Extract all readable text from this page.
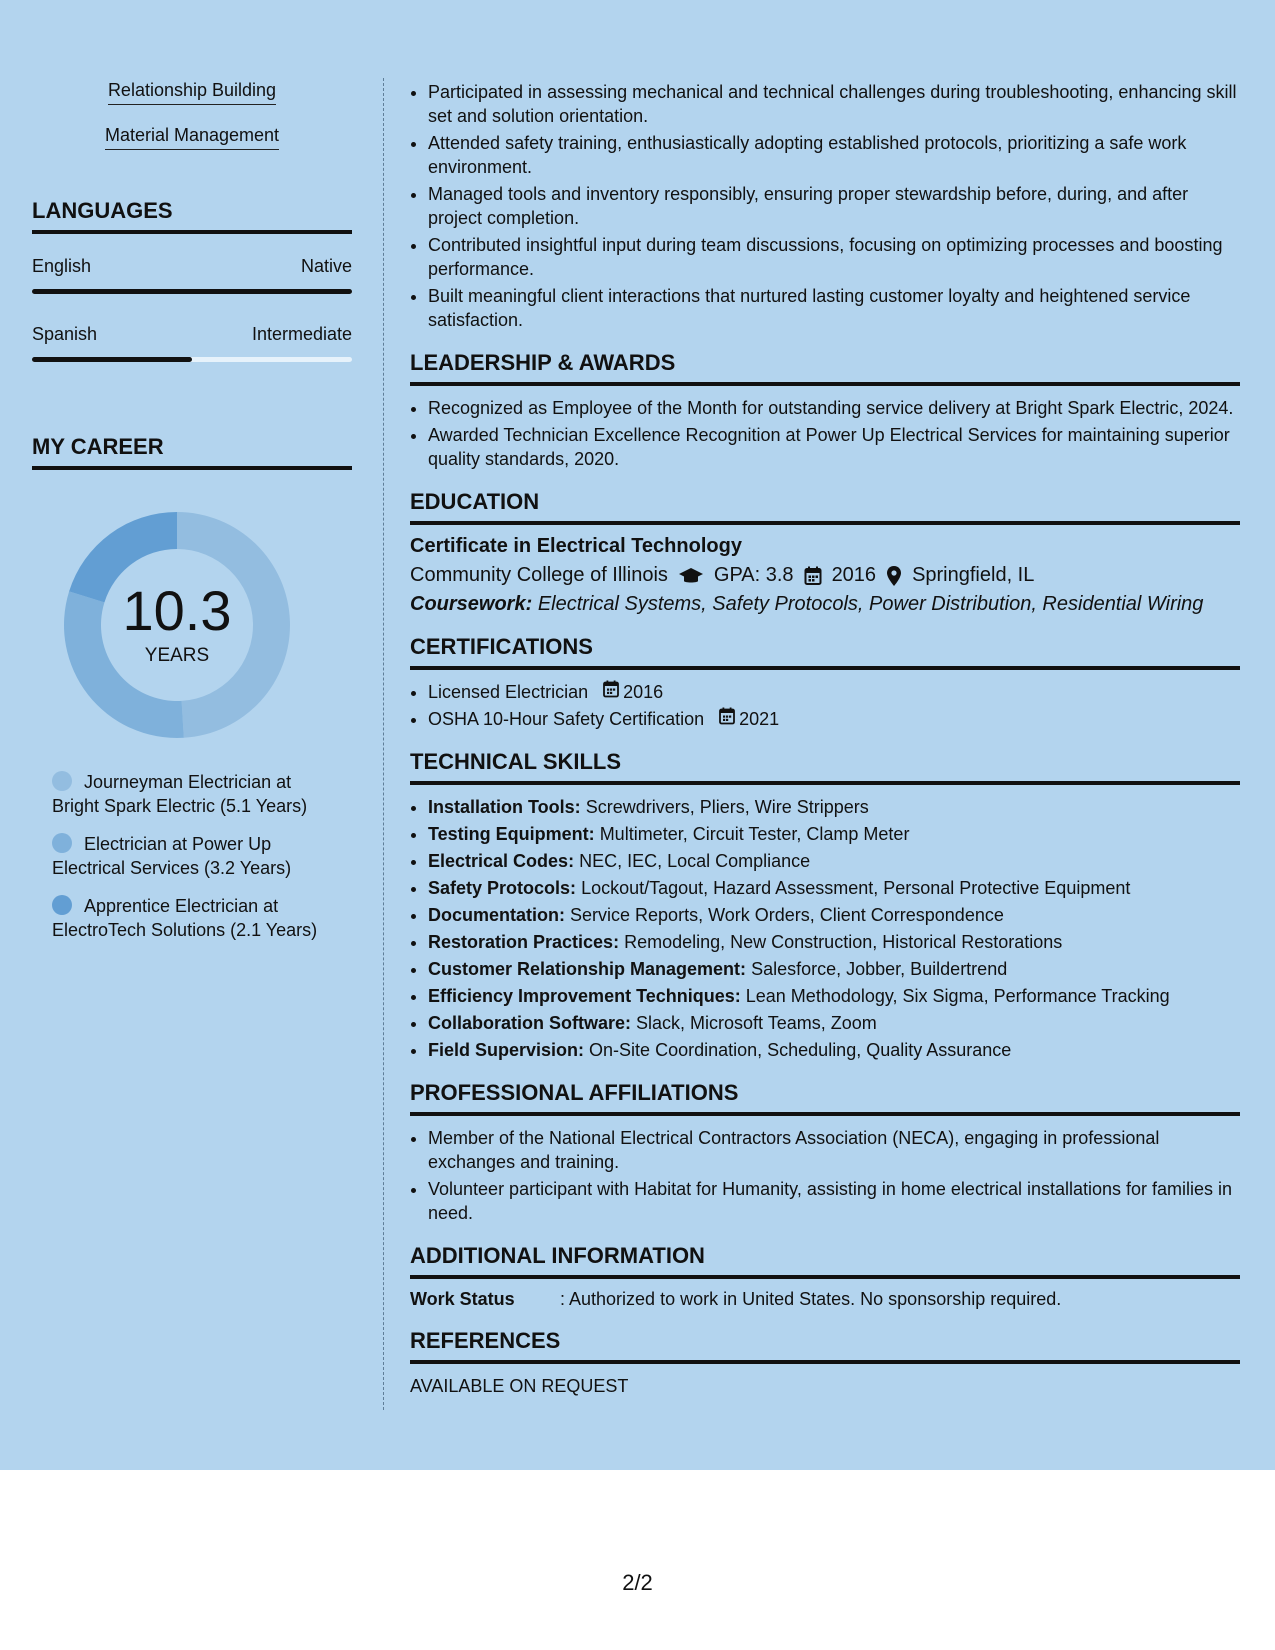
Relationship Building
Material Management
LANGUAGES
English	Native
Spanish	Intermediate
MY CAREER
10.3
YEARS
Journeyman Electrician at Bright Spark Electric (5.1 Years)
Electrician at Power Up Electrical Services (3.2 Years)
Apprentice Electrician at ElectroTech Solutions (2.1 Years)
• Participated in assessing mechanical and technical challenges during troubleshooting, enhancing skill set and solution orientation.
• Attended safety training, enthusiastically adopting established protocols, prioritizing a safe work environment.
• Managed tools and inventory responsibly, ensuring proper stewardship before, during, and after project completion.
• Contributed insightful input during team discussions, focusing on optimizing processes and boosting performance.
• Built meaningful client interactions that nurtured lasting customer loyalty and heightened service satisfaction.
LEADERSHIP & AWARDS
• Recognized as Employee of the Month for outstanding service delivery at Bright Spark Electric, 2024.
• Awarded Technician Excellence Recognition at Power Up Electrical Services for maintaining superior quality standards, 2020.
EDUCATION
Certificate in Electrical Technology
Community College of Illinois GPA: 3.8 2016 Springfield, IL
Coursework: Electrical Systems, Safety Protocols, Power Distribution, Residential Wiring
CERTIFICATIONS
• Licensed Electrician 2016
• OSHA 10-Hour Safety Certification 2021
TECHNICAL SKILLS
• Installation Tools: Screwdrivers, Pliers, Wire Strippers
• Testing Equipment: Multimeter, Circuit Tester, Clamp Meter
• Electrical Codes: NEC, IEC, Local Compliance
• Safety Protocols: Lockout/Tagout, Hazard Assessment, Personal Protective Equipment
• Documentation: Service Reports, Work Orders, Client Correspondence
• Restoration Practices: Remodeling, New Construction, Historical Restorations
• Customer Relationship Management: Salesforce, Jobber, Buildertrend
• Efficiency Improvement Techniques: Lean Methodology, Six Sigma, Performance Tracking
• Collaboration Software: Slack, Microsoft Teams, Zoom
• Field Supervision: On-Site Coordination, Scheduling, Quality Assurance
PROFESSIONAL AFFILIATIONS
• Member of the National Electrical Contractors Association (NECA), engaging in professional exchanges and training.
• Volunteer participant with Habitat for Humanity, assisting in home electrical installations for families in need.
ADDITIONAL INFORMATION
Work Status	: Authorized to work in United States. No sponsorship required.
REFERENCES
AVAILABLE ON REQUEST
2/2
